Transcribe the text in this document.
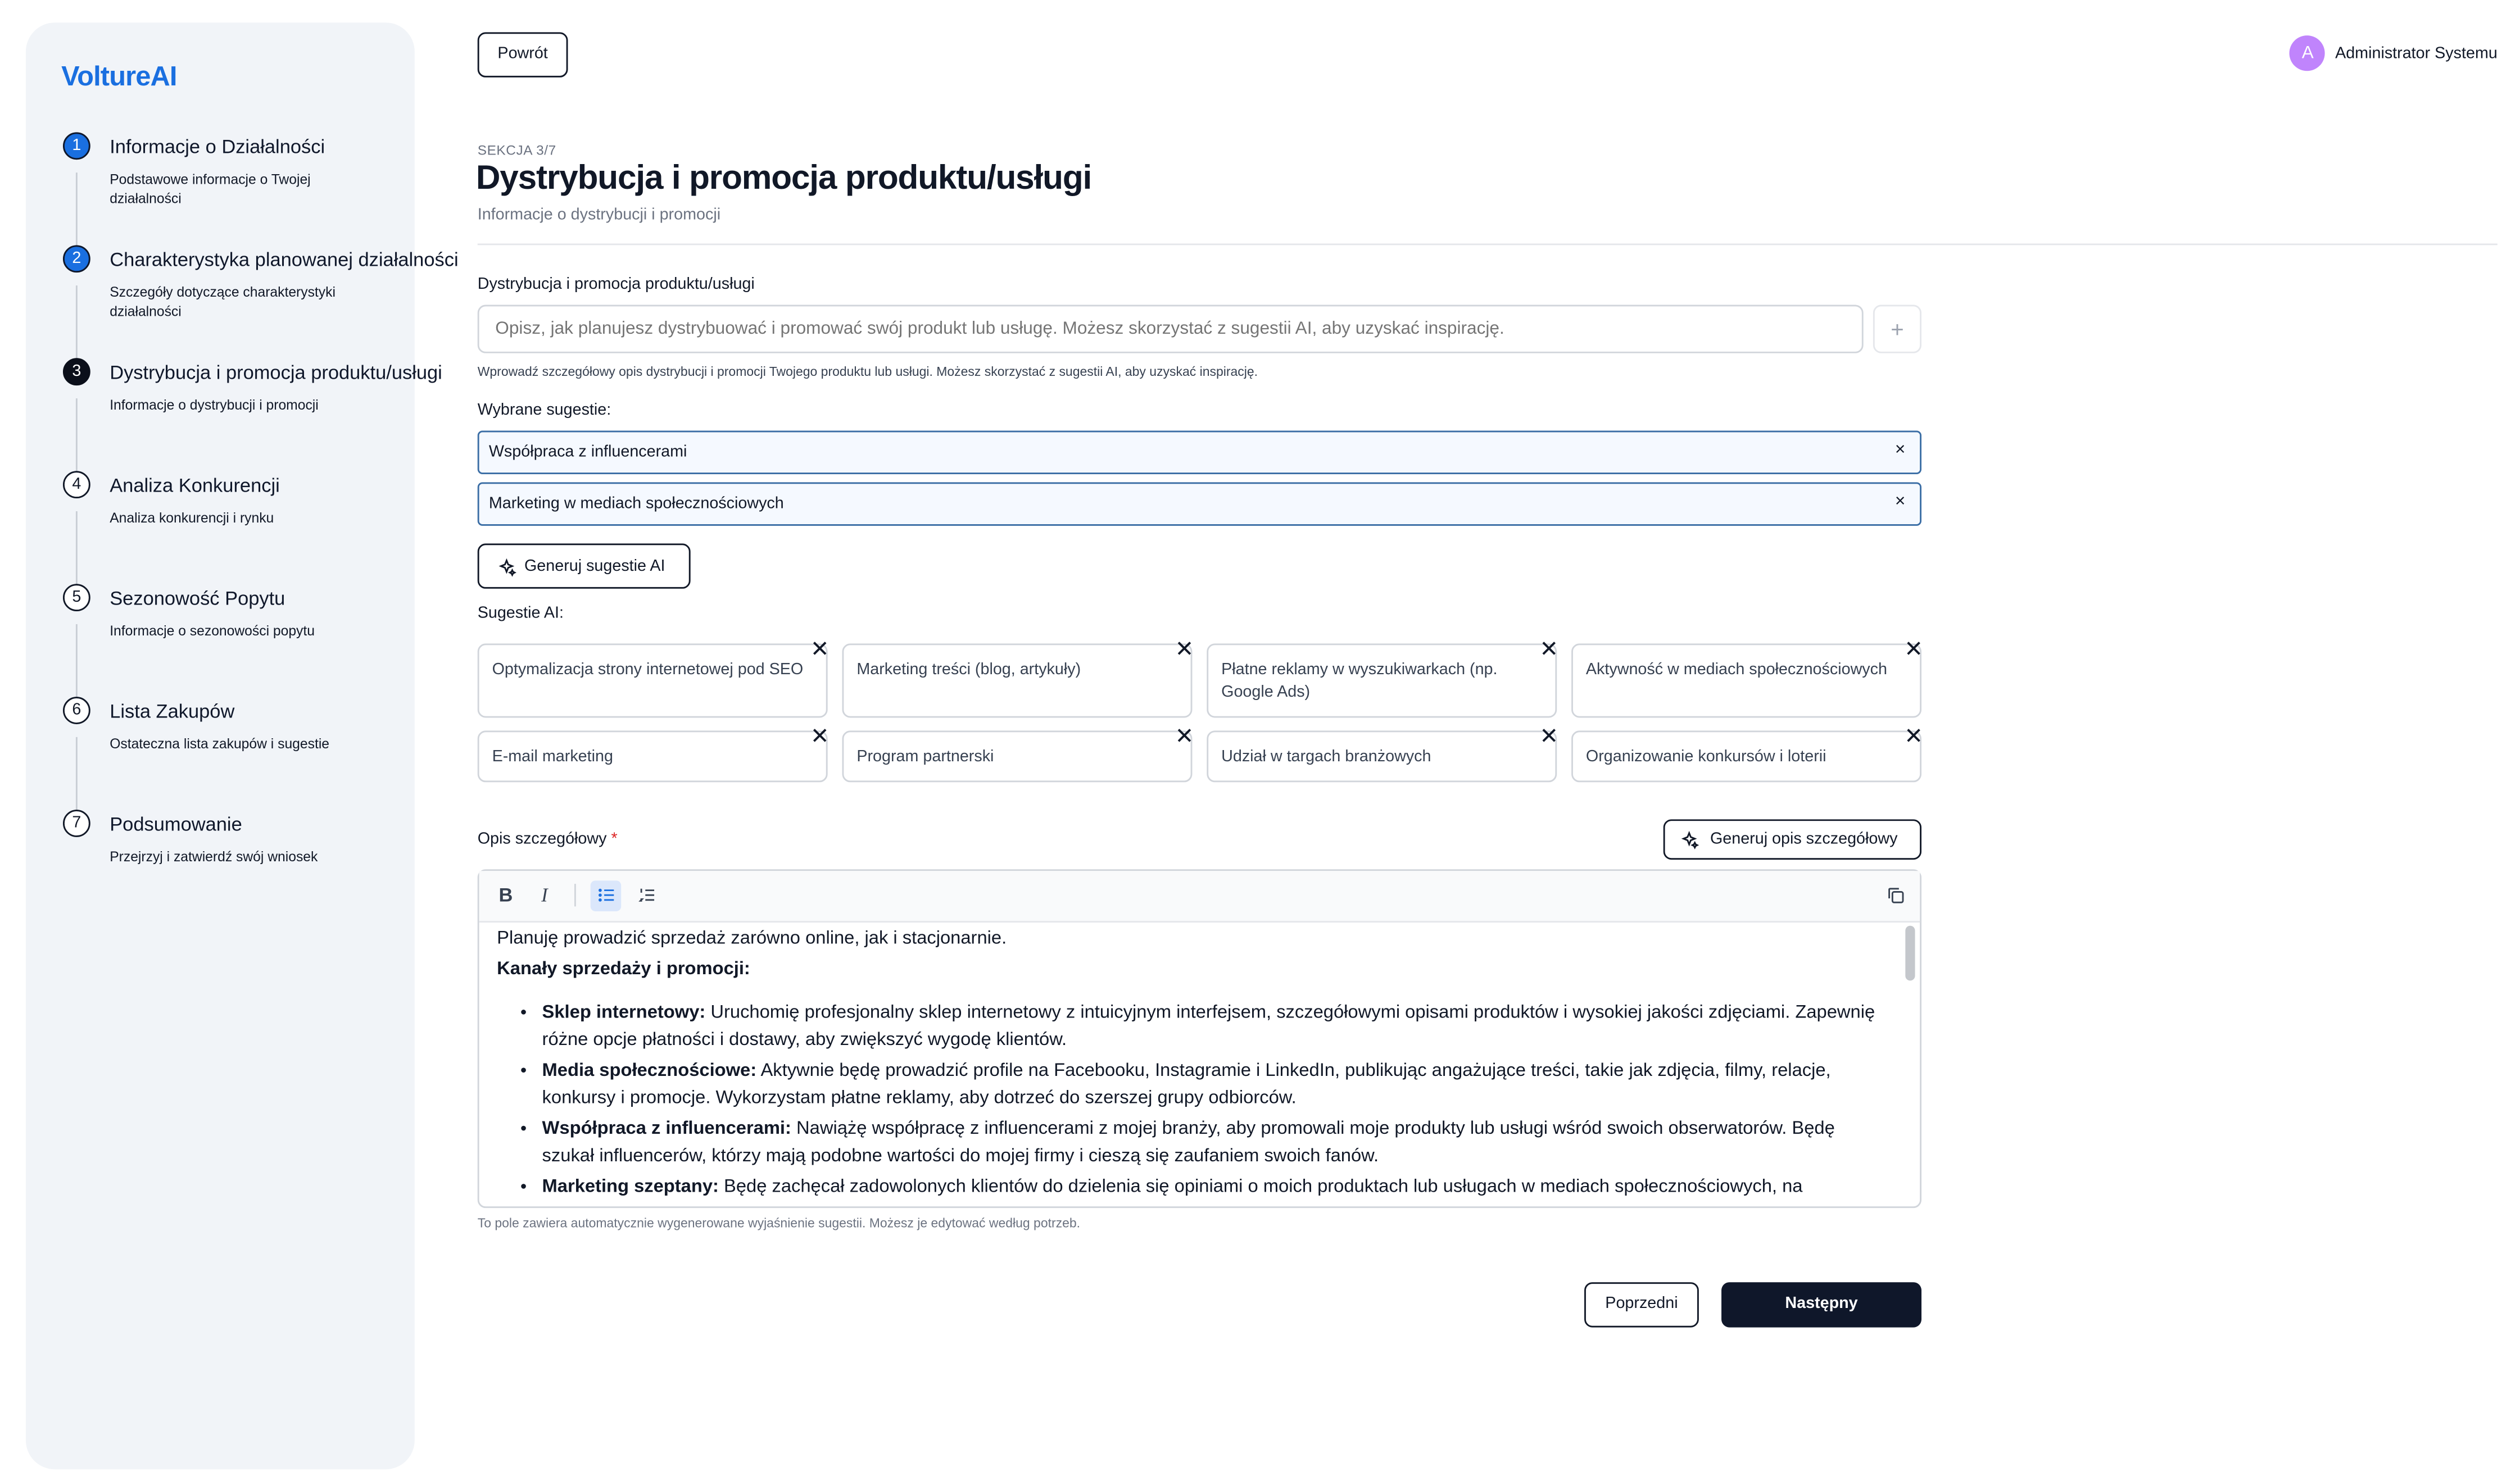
VoltureAI
1	Informacje o Działalności
Podstawowe informacje o Twojej działalności
2	Charakterystyka planowanej działalności
Szczegóły dotyczące charakterystyki działalności
3	Dystrybucja i promocja produktu/usługi
Informacje o dystrybucji i promocji
4	Analiza Konkurencji
Analiza konkurencji i rynku
5	Sezonowość Popytu
Informacje o sezonowości popytu
6	Lista Zakupów
Ostateczna lista zakupów i sugestie
7	Podsumowanie
Przejrzyj i zatwierdź swój wniosek
Powrót	A	Administrator Systemu
SEKCJA 3/7
Dystrybucja i promocja produktu/usługi
Informacje o dystrybucji i promocji
Dystrybucja i promocja produktu/usługi
Opisz, jak planujesz dystrybuować i promować swój produkt lub usługę. Możesz skorzystać z sugestii AI, aby uzyskać inspirację.
+
Wprowadź szczegółowy opis dystrybucji i promocji Twojego produktu lub usługi. Możesz skorzystać z sugestii AI, aby uzyskać inspirację.
Wybrane sugestie:
Współpraca z influencerami	×
Marketing w mediach społecznościowych	×
Generuj sugestie AI
Sugestie AI:
Optymalizacja strony internetowej pod SEO
✕
Marketing treści (blog, artykuły)
✕
Płatne reklamy w wyszukiwarkach (np. Google Ads)
✕
Aktywność w mediach społecznościowych
✕
E-mail marketing
✕
Program partnerski
✕
Udział w targach branżowych
✕
Organizowanie konkursów i loterii
✕
Opis szczegółowy *	Generuj opis szczegółowy
B	I

Planuję prowadzić sprzedaż zarówno online, jak i stacjonarnie.

Kanały sprzedaży i promocji:

• Sklep internetowy: Uruchomię profesjonalny sklep internetowy z intuicyjnym interfejsem, szczegółowymi opisami produktów i wysokiej jakości zdjęciami. Zapewnię różne opcje płatności i dostawy, aby zwiększyć wygodę klientów.
• Media społecznościowe: Aktywnie będę prowadzić profile na Facebooku, Instagramie i LinkedIn, publikując angażujące treści, takie jak zdjęcia, filmy, relacje, konkursy i promocje. Wykorzystam płatne reklamy, aby dotrzeć do szerszej grupy odbiorców.
• Współpraca z influencerami: Nawiążę współpracę z influencerami z mojej branży, aby promowali moje produkty lub usługi wśród swoich obserwatorów. Będę szukał influencerów, którzy mają podobne wartości do mojej firmy i cieszą się zaufaniem swoich fanów.
• Marketing szeptany: Będę zachęcał zadowolonych klientów do dzielenia się opiniami o moich produktach lub usługach w mediach społecznościowych, na
To pole zawiera automatycznie wygenerowane wyjaśnienie sugestii. Możesz je edytować według potrzeb.
Poprzedni	Następny
